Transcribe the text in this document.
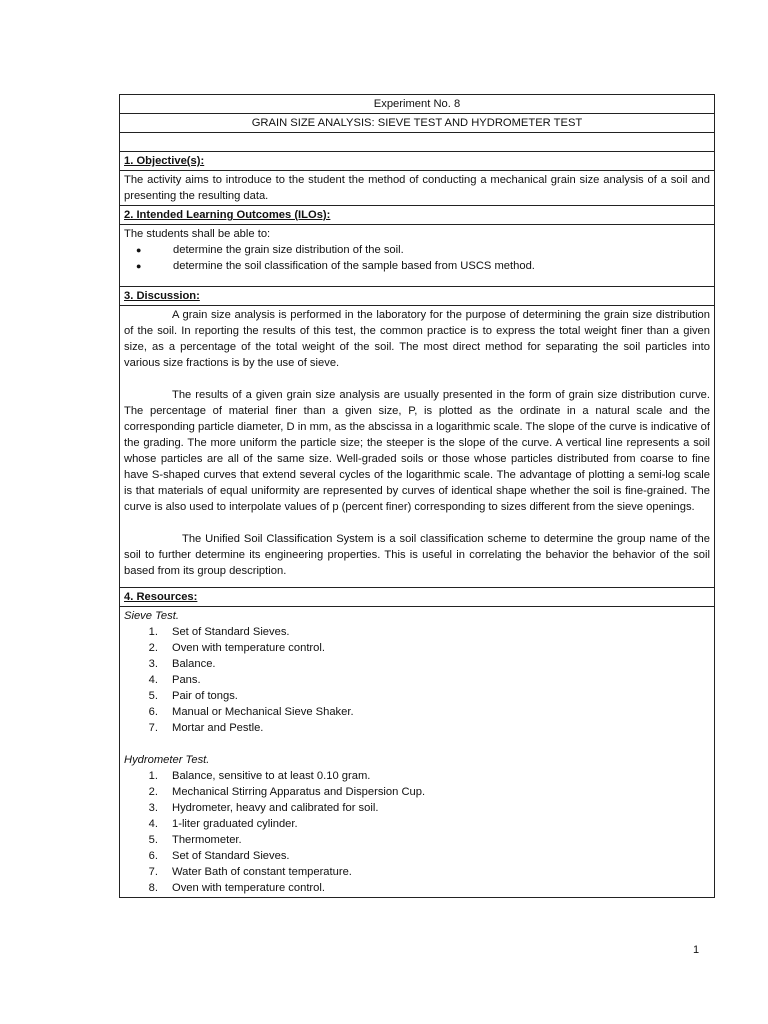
Experiment No. 8
GRAIN SIZE ANALYSIS: SIEVE TEST AND HYDROMETER TEST
1. Objective(s):
The activity aims to introduce to the student the method of conducting a mechanical grain size analysis of a soil and presenting the resulting data.
2. Intended Learning Outcomes (ILOs):
The students shall be able to:
●	determine the grain size distribution of the soil.
●	determine the soil classification of the sample based from USCS method.
3. Discussion:

A grain size analysis is performed in the laboratory for the purpose of determining the grain size distribution of the soil. In reporting the results of this test, the common practice is to express the total weight finer than a given size, as a percentage of the total weight of the soil. The most direct method for separating the soil particles into various size fractions is by the use of sieve.

The results of a given grain size analysis are usually presented in the form of grain size distribution curve. The percentage of material finer than a given size, P, is plotted as the ordinate in a natural scale and the corresponding particle diameter, D in mm, as the abscissa in a logarithmic scale. The slope of the curve is indicative of the grading. The more uniform the particle size; the steeper is the slope of the curve. A vertical line represents a soil whose particles are all of the same size. Well-graded soils or those whose particles distributed from coarse to fine have S-shaped curves that extend several cycles of the logarithmic scale. The advantage of plotting a semi-log scale is that materials of equal uniformity are represented by curves of identical shape whether the soil is fine-grained. The curve is also used to interpolate values of p (percent finer) corresponding to sizes different from the sieve openings.

The Unified Soil Classification System is a soil classification scheme to determine the group name of the soil to further determine its engineering properties. This is useful in correlating the behavior the behavior of the soil based from its group description.

4. Resources:
Sieve Test.
1. Set of Standard Sieves.
2. Oven with temperature control.
3. Balance.
4. Pans.
5. Pair of tongs.
6. Manual or Mechanical Sieve Shaker.
7. Mortar and Pestle.
Hydrometer Test.
1. Balance, sensitive to at least 0.10 gram.
2. Mechanical Stirring Apparatus and Dispersion Cup.
3. Hydrometer, heavy and calibrated for soil.
4. 1-liter graduated cylinder.
5. Thermometer.
6. Set of Standard Sieves.
7. Water Bath of constant temperature.
8. Oven with temperature control.
1
